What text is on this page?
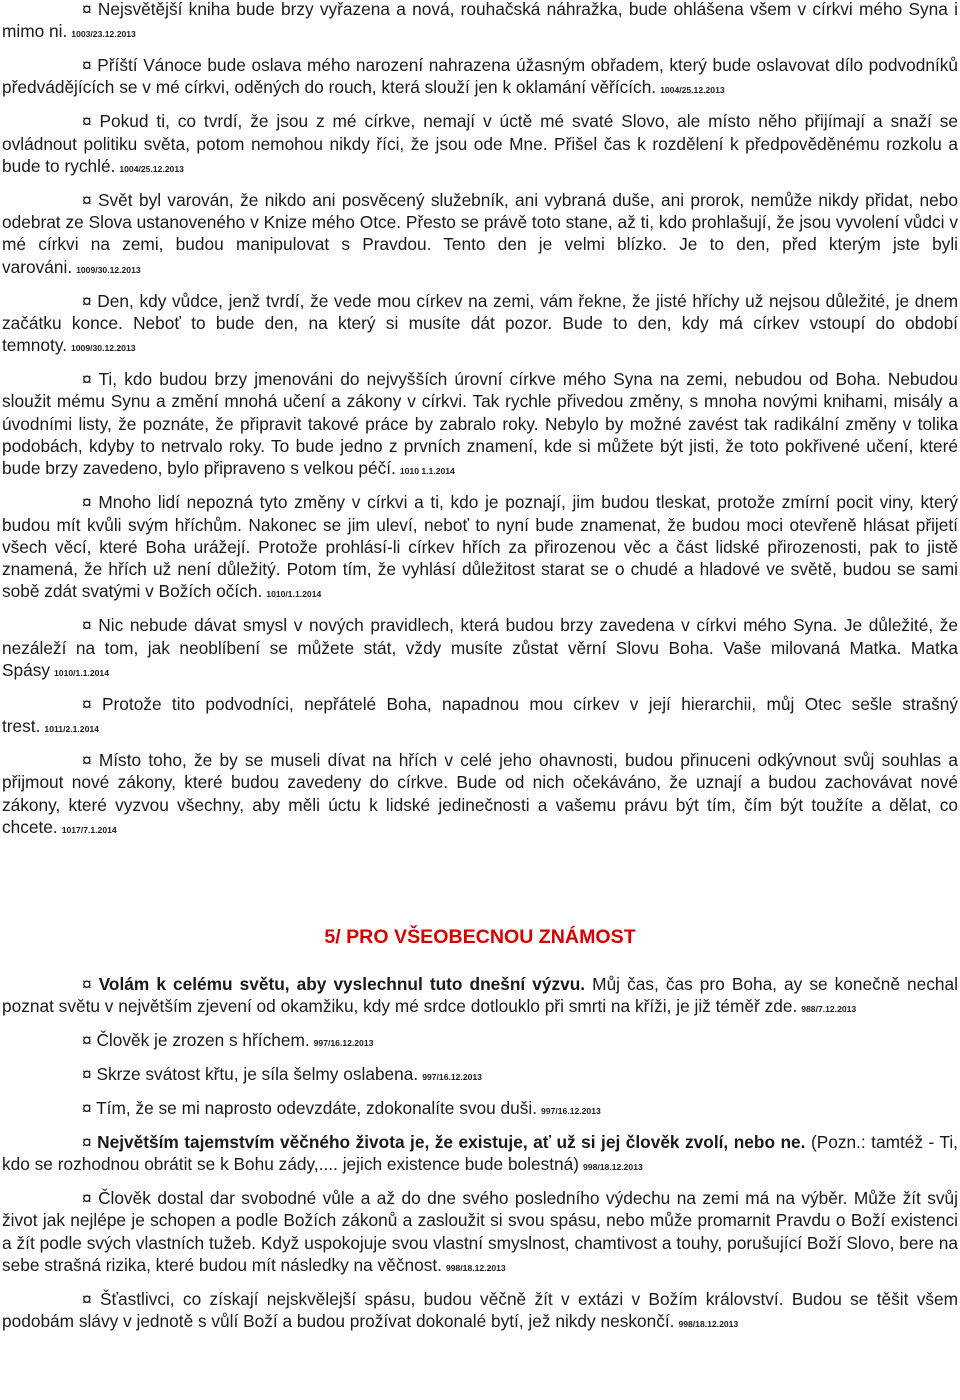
¤ Nejsvětější kniha bude brzy vyřazena a nová, rouhačská náhražka, bude ohlášena všem v církvi mého Syna i mimo ni. 1003/23.12.2013

¤ Příští Vánoce bude oslava mého narození nahrazena úžasným obřadem, který bude oslavovat dílo podvodníků předvádějících se v mé církvi, oděných do rouch, která slouží jen k oklamání věřících. 1004/25.12.2013

¤ Pokud ti, co tvrdí, že jsou z mé církve, nemají v úctě mé svaté Slovo, ale místo něho přijímají a snaží se ovládnout politiku světa, potom nemohou nikdy říci, že jsou ode Mne. Přišel čas k rozdělení k předpověděnému rozkolu a bude to rychlé. 1004/25.12.2013

¤ Svět byl varován, že nikdo ani posvěcený služebník, ani vybraná duše, ani prorok, nemůže nikdy přidat, nebo odebrat ze Slova ustanoveného v Knize mého Otce. Přesto se právě toto stane, až ti, kdo prohlašují, že jsou vyvolení vůdci v mé církvi na zemi, budou manipulovat s Pravdou. Tento den je velmi blízko. Je to den, před kterým jste byli varováni. 1009/30.12.2013

¤ Den, kdy vůdce, jenž tvrdí, že vede mou církev na zemi, vám řekne, že jisté hříchy už nejsou důležité, je dnem začátku konce. Neboť to bude den, na který si musíte dát pozor. Bude to den, kdy má církev vstoupí do období temnoty. 1009/30.12.2013

¤ Ti, kdo budou brzy jmenováni do nejvyšších úrovní církve mého Syna na zemi, nebudou od Boha. Nebudou sloužit mému Synu a změní mnohá učení a zákony v církvi. Tak rychle přivedou změny, s mnoha novými knihami, misály a úvodními listy, že poznáte, že připravit takové práce by zabralo roky. Nebylo by možné zavést tak radikální změny v tolika podobách, kdyby to netrvalo roky. To bude jedno z prvních znamení, kde si můžete být jisti, že toto pokřivené učení, které bude brzy zavedeno, bylo připraveno s velkou péčí. 1010 1.1.2014

¤ Mnoho lidí nepozná tyto změny v církvi a ti, kdo je poznají, jim budou tleskat, protože zmírní pocit viny, který budou mít kvůli svým hříchům. Nakonec se jim uleví, neboť to nyní bude znamenat, že budou moci otevřeně hlásat přijetí všech věcí, které Boha urážejí. Protože prohlásí-li církev hřích za přirozenou věc a část lidské přirozenosti, pak to jistě znamená, že hřích už není důležitý. Potom tím, že vyhlásí důležitost starat se o chudé a hladové ve světě, budou se sami sobě zdát svatými v Božích očích. 1010/1.1.2014

¤ Nic nebude dávat smysl v nových pravidlech, která budou brzy zavedena v církvi mého Syna. Je důležité, že nezáleží na tom, jak neoblíbení se můžete stát, vždy musíte zůstat věrní Slovu Boha. Vaše milovaná Matka. Matka Spásy 1010/1.1.2014

¤ Protože tito podvodníci, nepřátelé Boha, napadnou mou církev v její hierarchii, můj Otec sešle strašný trest. 1011/2.1.2014

¤ Místo toho, že by se museli dívat na hřích v celé jeho ohavnosti, budou přinuceni odkývnout svůj souhlas a přijmout nové zákony, které budou zavedeny do církve. Bude od nich očekáváno, že uznají a budou zachovávat nové zákony, které vyzvou všechny, aby měli úctu k lidské jedinečnosti a vašemu právu být tím, čím být toužíte a dělat, co chcete. 1017/7.1.2014

5/ PRO VŠEOBECNOU ZNÁMOST

¤ Volám k celému světu, aby vyslechnul tuto dnešní výzvu. Můj čas, čas pro Boha, ay se konečně nechal poznat světu v největším zjevení od okamžiku, kdy mé srdce dotlouklo při smrti na kříži, je již téměř zde. 988/7.12.2013

¤ Člověk je zrozen s hříchem. 997/16.12.2013

¤ Skrze svátost křtu, je síla šelmy oslabena. 997/16.12.2013

¤ Tím, že se mi naprosto odevzdáte, zdokonalíte svou duši. 997/16.12.2013

¤ Největším tajemstvím věčného života je, že existuje, ať už si jej člověk zvolí, nebo ne. (Pozn.: tamtéž - Ti, kdo se rozhodnou obrátit se k Bohu zády,.... jejich existence bude bolestná) 998/18.12.2013

¤ Člověk dostal dar svobodné vůle a až do dne svého posledního výdechu na zemi má na výběr. Může žít svůj život jak nejlépe je schopen a podle Božích zákonů a zasloužit si svou spásu, nebo může promarnit Pravdu o Boží existenci a žít podle svých vlastních tužeb. Když uspokojuje svou vlastní smyslnost, chamtivost a touhy, porušující Boží Slovo, bere na sebe strašná rizika, které budou mít následky na věčnost. 998/18.12.2013

¤ Šťastlivci, co získají nejskvělejší spásu, budou věčně žít v extázi v Božím království. Budou se těšit všem podobám slávy v jednotě s vůlí Boží a budou prožívat dokonalé bytí, jež nikdy neskončí. 998/18.12.2013
